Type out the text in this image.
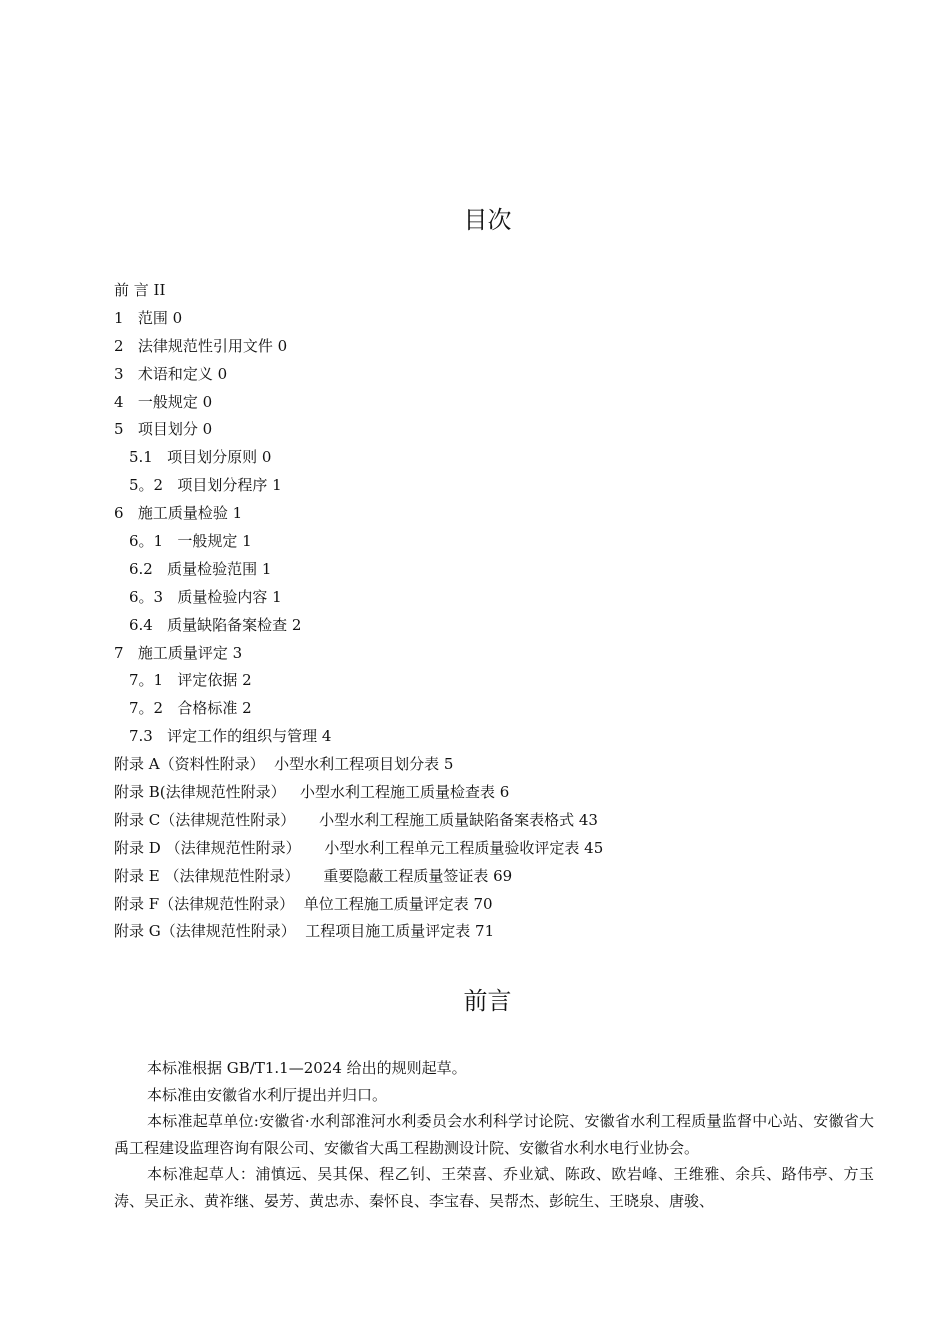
目次
前 言 II
1   范围 0
2   法律规范性引用文件 0
3   术语和定义 0
4   一般规定 0
5   项目划分 0
5.1   项目划分原则 0
5。2   项目划分程序 1
6   施工质量检验 1
6。1   一般规定 1
6.2   质量检验范围 1
6。3   质量检验内容 1
6.4   质量缺陷备案检查 2
7   施工质量评定 3
7。1   评定依据 2
7。2   合格标准 2
7.3   评定工作的组织与管理 4
附录 A（资料性附录）  小型水利工程项目划分表 5
附录 B(法律规范性附录）   小型水利工程施工质量检查表 6
附录 C（法律规范性附录）     小型水利工程施工质量缺陷备案表格式 43
附录 D （法律规范性附录）     小型水利工程单元工程质量验收评定表 45
附录 E （法律规范性附录）     重要隐蔽工程质量签证表 69
附录 F（法律规范性附录）  单位工程施工质量评定表 70
附录 G（法律规范性附录）  工程项目施工质量评定表 71
前言

本标准根据 GB/T1.1—2024 给出的规则起草。

本标准由安徽省水利厅提出并归口。

本标准起草单位:安徽省·水利部淮河水利委员会水利科学讨论院、安徽省水利工程质量监督中心站、安徽省大禹工程建设监理咨询有限公司、安徽省大禹工程勘测设计院、安徽省水利水电行业协会。

本标准起草人：浦慎远、吴其保、程乙钊、王荣喜、乔业斌、陈政、欧岩峰、王维雅、余兵、路伟亭、方玉涛、吴正永、黄祚继、晏芳、黄忠赤、秦怀良、李宝春、吴帮杰、彭皖生、王晓泉、唐骏、
